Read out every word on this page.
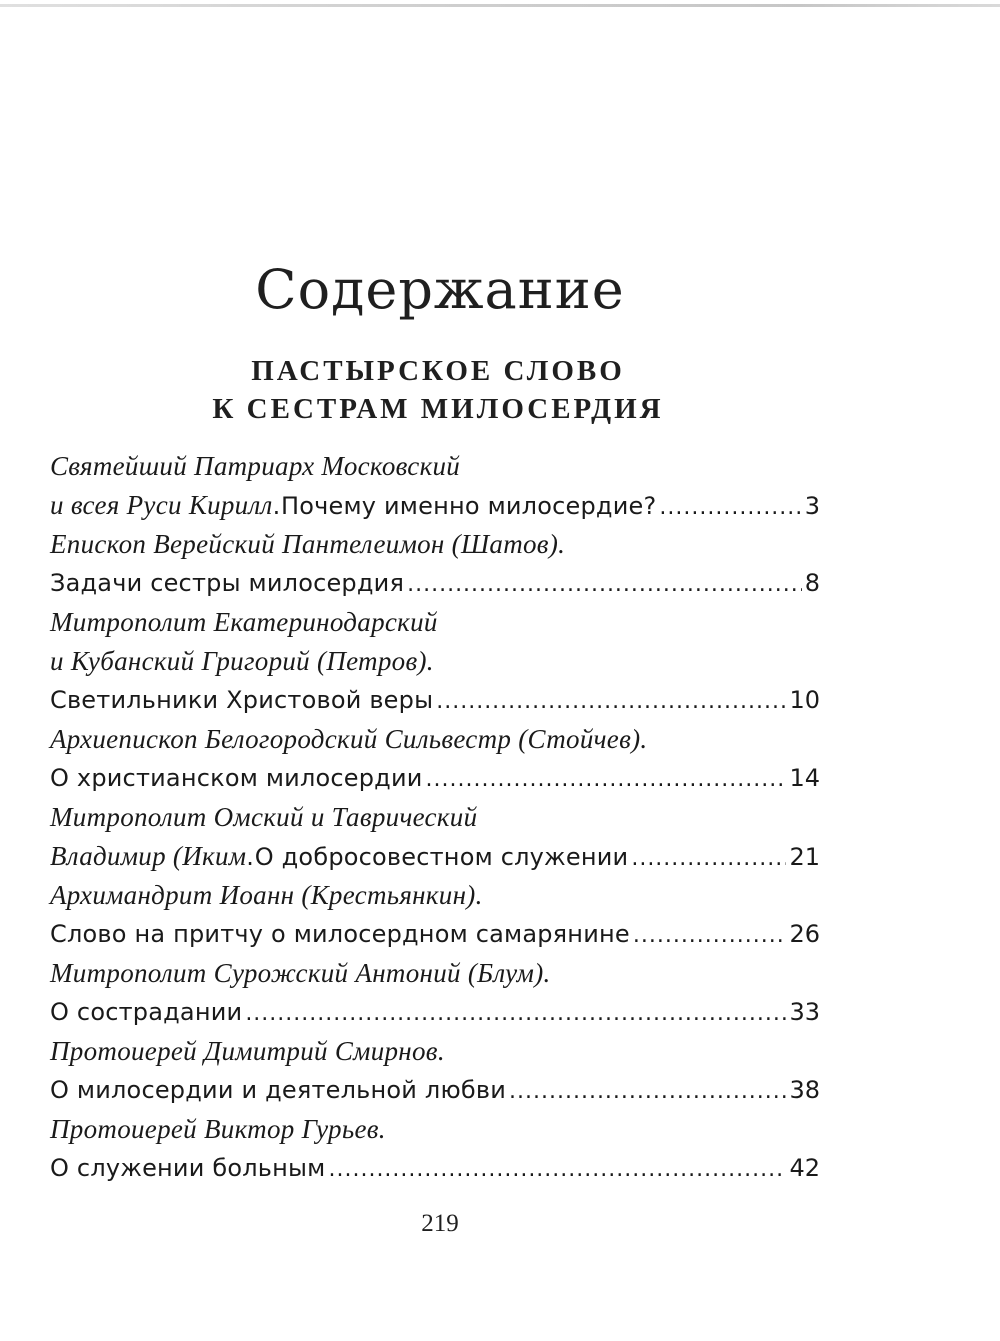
Содержание
ПАСТЫРСКОЕ СЛОВО
К СЕСТРАМ МИЛОСЕРДИЯ
Святейший Патриарх Московский
и всея Руси Кирилл . Почему именно милосердие? .....	3
Епископ Верейский Пантелеимон (Шатов).
Задачи сестры милосердия .....	8
Митрополит Екатеринодарский
и Кубанский Григорий (Петров).
Светильники Христовой веры .....	10
Архиепископ Белогородский Сильвестр (Стойчев).
О христианском милосердии .....	14
Митрополит Омский и Таврический
Владимир (Иким . О добросовестном служении .....	21
Архимандрит Иоанн (Крестьянкин).
Слово на притчу о милосердном самарянине .....	26
Митрополит Сурожский Антоний (Блум).
О сострадании .....	33
Протоиерей Димитрий Смирнов.
О милосердии и деятельной любви .....	38
Протоиерей Виктор Гурьев.
О служении больным .....	42
219
